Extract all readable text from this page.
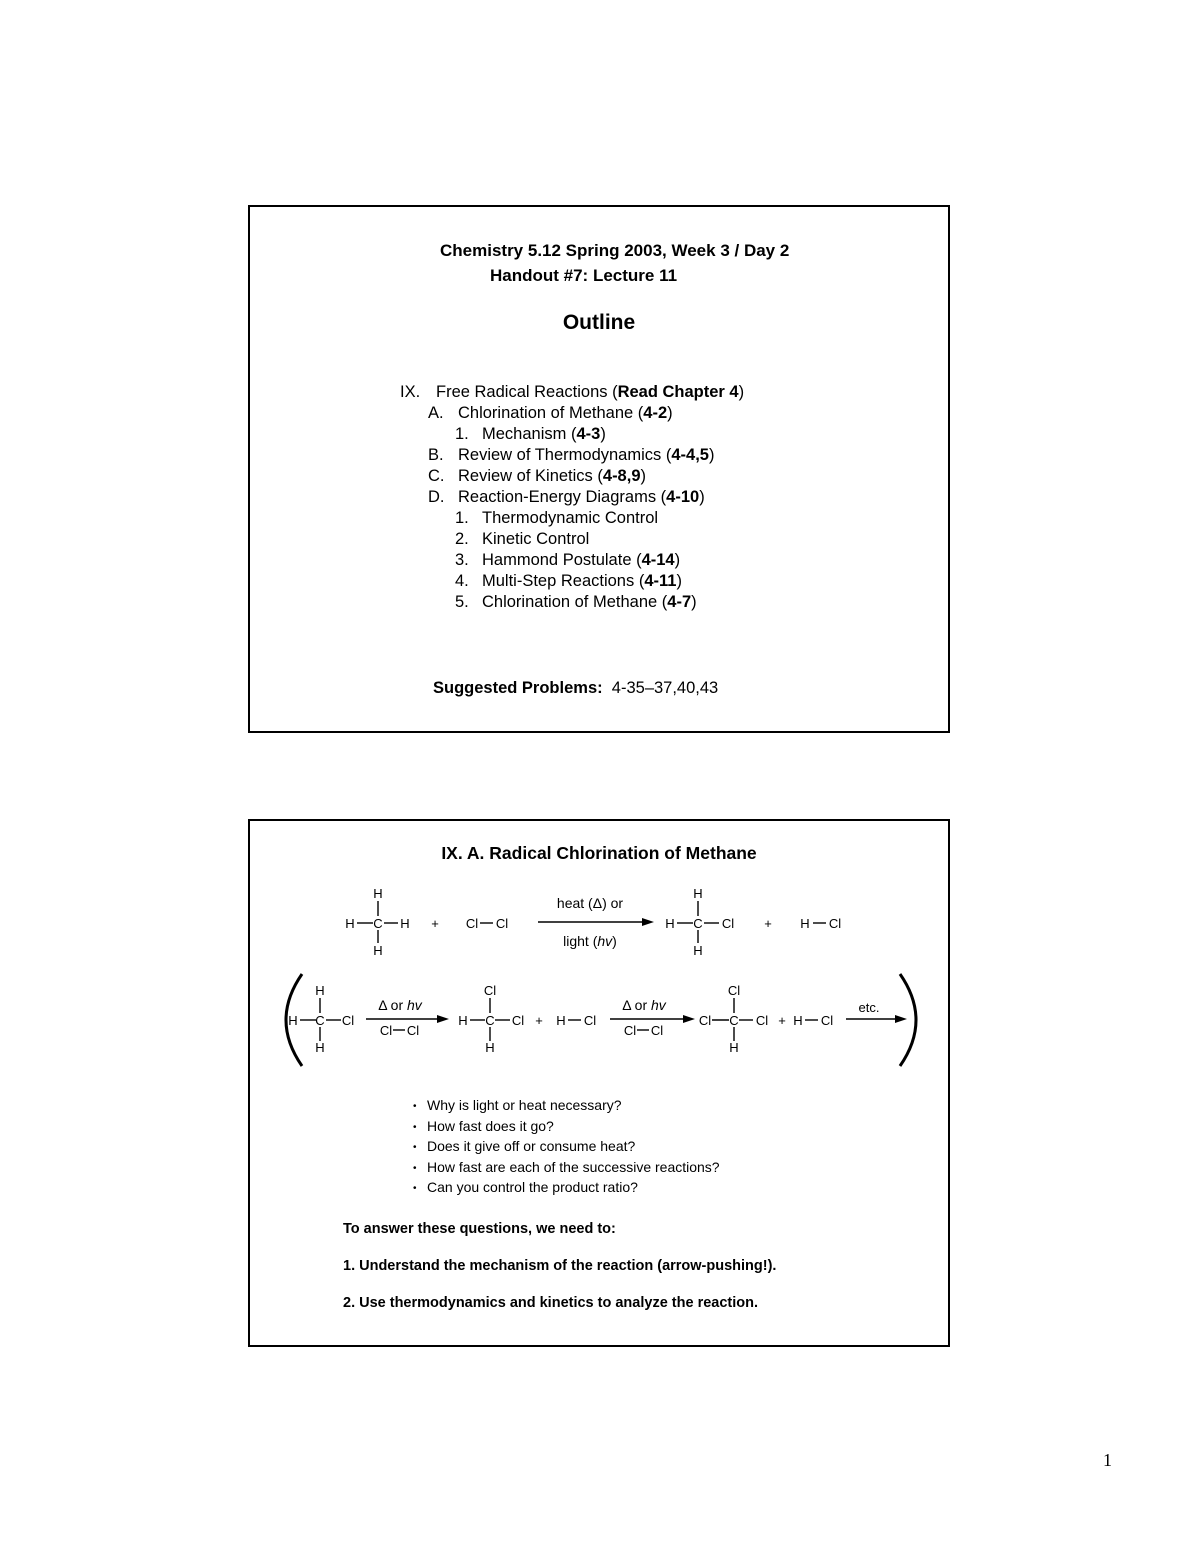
Chemistry 5.12 Spring 2003, Week 3 / Day 2
Handout #7: Lecture 11
Outline
IX. Free Radical Reactions (Read Chapter 4)
A. Chlorination of Methane (4-2)
1. Mechanism (4-3)
B. Review of Thermodynamics (4-4,5)
C. Review of Kinetics (4-8,9)
D. Reaction-Energy Diagrams (4-10)
1. Thermodynamic Control
2. Kinetic Control
3. Hammond Postulate (4-14)
4. Multi-Step Reactions (4-11)
5. Chlorination of Methane (4-7)
Suggested Problems: 4-35–37,40,43
IX. A. Radical Chlorination of Methane
H C H
H
H
+ Cl Cl	H C Cl
H
H
+ H Cl
H C Cl
H
H
H C Cl
Cl
H
+ H Cl	Cl C Cl
Cl
H
+ H Cl
Cl Cl	Cl Cl
heat (Δ) or
light (hv)
Δ or hv	Δ or hv	etc.
• Why is light or heat necessary?
• How fast does it go?
• Does it give off or consume heat?
• How fast are each of the successive reactions?
• Can you control the product ratio?
To answer these questions, we need to:
1. Understand the mechanism of the reaction (arrow-pushing!).
2. Use thermodynamics and kinetics to analyze the reaction.
1
